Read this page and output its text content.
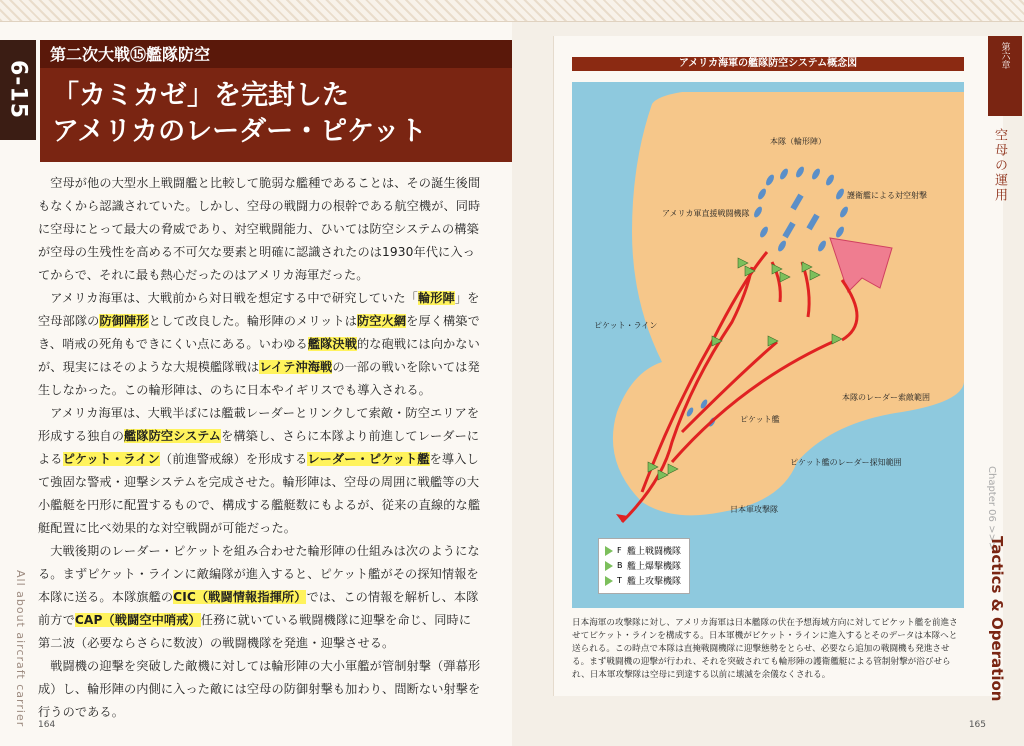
6-15
第二次大戦⑮艦隊防空
「カミカゼ」を完封した
アメリカのレーダー・ピケット

空母が他の大型水上戦闘艦と比較して脆弱な艦種であることは、その誕生後間もなくから認識されていた。しかし、空母の戦闘力の根幹である航空機が、同時に空母にとって最大の脅威であり、対空戦闘能力、ひいては防空システムの構築が空母の生残性を高める不可欠な要素と明確に認識されたのは1930年代に入ってからで、それに最も熱心だったのはアメリカ海軍だった。

アメリカ海軍は、大戦前から対日戦を想定する中で研究していた「輪形陣」を空母部隊の防御陣形として改良した。輪形陣のメリットは防空火網を厚く構築でき、哨戒の死角もできにくい点にある。いわゆる艦隊決戦的な砲戦には向かないが、現実にはそのような大規模艦隊戦はレイテ沖海戦の一部の戦いを除いては発生しなかった。この輪形陣は、のちに日本やイギリスでも導入される。

アメリカ海軍は、大戦半ばには艦載レーダーとリンクして索敵・防空エリアを形成する独自の艦隊防空システムを構築し、さらに本隊より前進してレーダーによるピケット・ライン（前進警戒線）を形成するレーダー・ピケット艦を導入して強固な警戒・迎撃システムを完成させた。輪形陣は、空母の周囲に戦艦等の大小艦艇を円形に配置するもので、構成する艦艇数にもよるが、従来の直線的な艦艇配置に比べ効果的な対空戦闘が可能だった。

大戦後期のレーダー・ピケットを組み合わせた輪形陣の仕組みは次のようになる。まずピケット・ラインに敵編隊が進入すると、ピケット艦がその探知情報を本隊に送る。本隊旗艦のCIC（戦闘情報指揮所）では、この情報を解析し、本隊前方でCAP（戦闘空中哨戒）任務に就いている戦闘機隊に迎撃を命じ、同時に第二波（必要ならさらに数波）の戦闘機隊を発進・迎撃させる。

戦闘機の迎撃を突破した敵機に対しては輪形陣の大小軍艦が管制射撃（弾幕形成）し、輪形陣の内側に入った敵には空母の防御射撃も加わり、間断ない射撃を行うのである。

All about aircraft carrier 164
アメリカ海軍の艦隊防空システム概念図
本隊（輪形陣）
護衛艦による対空射撃
アメリカ軍直援戦闘機隊
ピケット・ライン
本隊のレーダー索敵範囲
ピケット艦
ピケット艦のレーダー探知範囲
日本軍攻撃隊
F 艦上戦闘機隊
B 艦上爆撃機隊
T 艦上攻撃機隊
日本海軍の攻撃隊に対し、アメリカ海軍は日本艦隊の伏在予想海域方向に対してピケット艦を前進させてピケット・ラインを構成する。日本軍機がピケット・ラインに進入するとそのデータは本隊へと送られる。この時点で本隊は直掩戦闘機隊に迎撃態勢をとらせ、必要なら追加の戦闘機も発進させる。まず戦闘機の迎撃が行われ、それを突破されても輪形陣の護衛艦艇による管制射撃が浴びせられ、日本軍攻撃隊は空母に到達する以前に壊滅を余儀なくされる。
第六章
空母の運用
Chapter 06 >>>
Tactics & Operation
165
